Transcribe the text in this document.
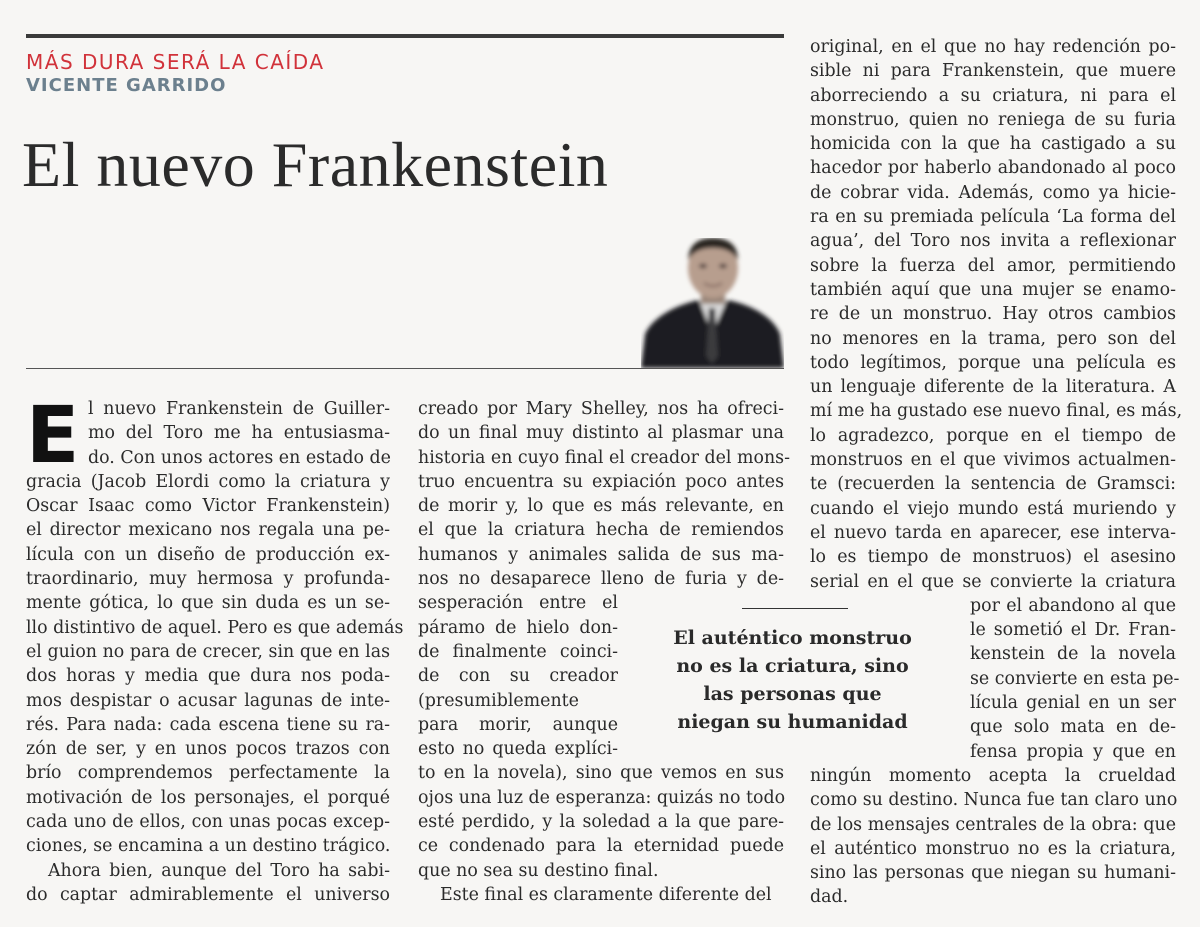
MÁS DURA SERÁ LA CAÍDA
VICENTE GARRIDO
El nuevo Frankenstein
E l nuevo Frankenstein de Guiller-
mo del Toro me ha entusiasma-
do. Con unos actores en estado de
gracia (Jacob Elordi como la criatura y
Oscar Isaac como Victor Frankenstein)
el director mexicano nos regala una pe-
lícula con un diseño de producción ex-
traordinario, muy hermosa y profunda-
mente gótica, lo que sin duda es un se-
llo distintivo de aquel. Pero es que además
el guion no para de crecer, sin que en las
dos horas y media que dura nos poda-
mos despistar o acusar lagunas de inte-
rés. Para nada: cada escena tiene su ra-
zón de ser, y en unos pocos trazos con
brío comprendemos perfectamente la
motivación de los personajes, el porqué
cada uno de ellos, con unas pocas excep-
ciones, se encamina a un destino trágico.
Ahora bien, aunque del Toro ha sabi-
do captar admirablemente el universo
creado por Mary Shelley, nos ha ofreci-
do un final muy distinto al plasmar una
historia en cuyo final el creador del mons-
truo encuentra su expiación poco antes
de morir y, lo que es más relevante, en
el que la criatura hecha de remiendos
humanos y animales salida de sus ma-
nos no desaparece lleno de furia y de-
sesperación entre el
páramo de hielo don-
de finalmente coinci-
de con su creador
(presumiblemente
para morir, aunque
esto no queda explíci-
to en la novela), sino que vemos en sus
ojos una luz de esperanza: quizás no todo
esté perdido, y la soledad a la que pare-
ce condenado para la eternidad puede
que no sea su destino final.
Este final es claramente diferente del
original, en el que no hay redención po-
sible ni para Frankenstein, que muere
aborreciendo a su criatura, ni para el
monstruo, quien no reniega de su furia
homicida con la que ha castigado a su
hacedor por haberlo abandonado al poco
de cobrar vida. Además, como ya hicie-
ra en su premiada película ‘La forma del
agua’, del Toro nos invita a reflexionar
sobre la fuerza del amor, permitiendo
también aquí que una mujer se enamo-
re de un monstruo. Hay otros cambios
no menores en la trama, pero son del
todo legítimos, porque una película es
un lenguaje diferente de la literatura. A
mí me ha gustado ese nuevo final, es más,
lo agradezco, porque en el tiempo de
monstruos en el que vivimos actualmen-
te (recuerden la sentencia de Gramsci:
cuando el viejo mundo está muriendo y
el nuevo tarda en aparecer, ese interva-
lo es tiempo de monstruos) el asesino
serial en el que se convierte la criatura
por el abandono al que
le sometió el Dr. Fran-
kenstein de la novela
se convierte en esta pe-
lícula genial en un ser
que solo mata en de-
fensa propia y que en
ningún momento acepta la crueldad
como su destino. Nunca fue tan claro uno
de los mensajes centrales de la obra: que
el auténtico monstruo no es la criatura,
sino las personas que niegan su humani-
dad.
El auténtico monstruo
no es la criatura, sino
las personas que
niegan su humanidad
